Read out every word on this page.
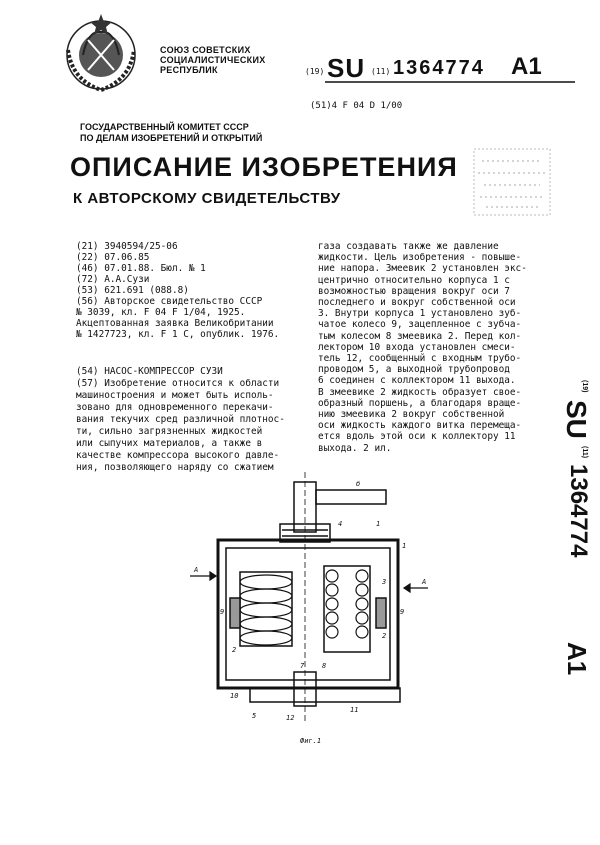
СОЮЗ СОВЕТСКИХ
СОЦИАЛИСТИЧЕСКИХ
РЕСПУБЛИК	(19) SU (11) 1364774 A1
(51)4 F 04 D 1/00
ГОСУДАРСТВЕННЫЙ КОМИТЕТ СССР
ПО ДЕЛАМ ИЗОБРЕТЕНИЙ И ОТКРЫТИЙ
ОПИСАНИЕ ИЗОБРЕТЕНИЯ
К АВТОРСКОМУ СВИДЕТЕЛЬСТВУ
(21) 3940594/25-06
(22) 07.06.85
(46) 07.01.88. Бюл. № 1
(72) А.А.Сузи
(53) 621.691 (088.8)
(56) Авторское свидетельство СССР
№ 3039, кл. F 04 F 1/04, 1925.
Акцептованная заявка Великобритании
№ 1427723, кл. F 1 С, опублик. 1976.
(54) НАСОС-КОМПРЕССОР СУЗИ
(57) Изобретение относится к области
машиностроения и может быть исполь-
зовано для одновременного перекачи-
вания текучих сред различной плотнос-
ти, сильно загрязненных жидкостей
или сыпучих материалов, а также в
качестве компрессора высокого давле-
ния, позволяющего наряду со сжатием
газа создавать также же давление
жидкости. Цель изобретения - повыше-
ние напора. Змеевик 2 установлен экс-
центрично относительно корпуса 1 с
возможностью вращения вокруг оси 7
последнего и вокруг собственной оси
3. Внутри корпуса 1 установлено зуб-
чатое колесо 9, зацепленное с зубча-
тым колесом 8 змеевика 2. Перед кол-
лектором 10 входа установлен смеси-
тель 12, сообщенный с входным трубо-
проводом 5, а выходной трубопровод
6 соединен с коллектором 11 выхода.
В змеевике 2 жидкость образует свое-
образный поршень, а благодаря враще-
нию змеевика 2 вокруг собственной
оси жидкость каждого витка перемеща-
ется вдоль этой оси к коллектору 11
выхода. 2 ил.
(19)
SU
(11)
1364774
A1
б
4	1
1
А
А
9	9
3
2
2
7	8
10
5	12
11
Фиг.1
